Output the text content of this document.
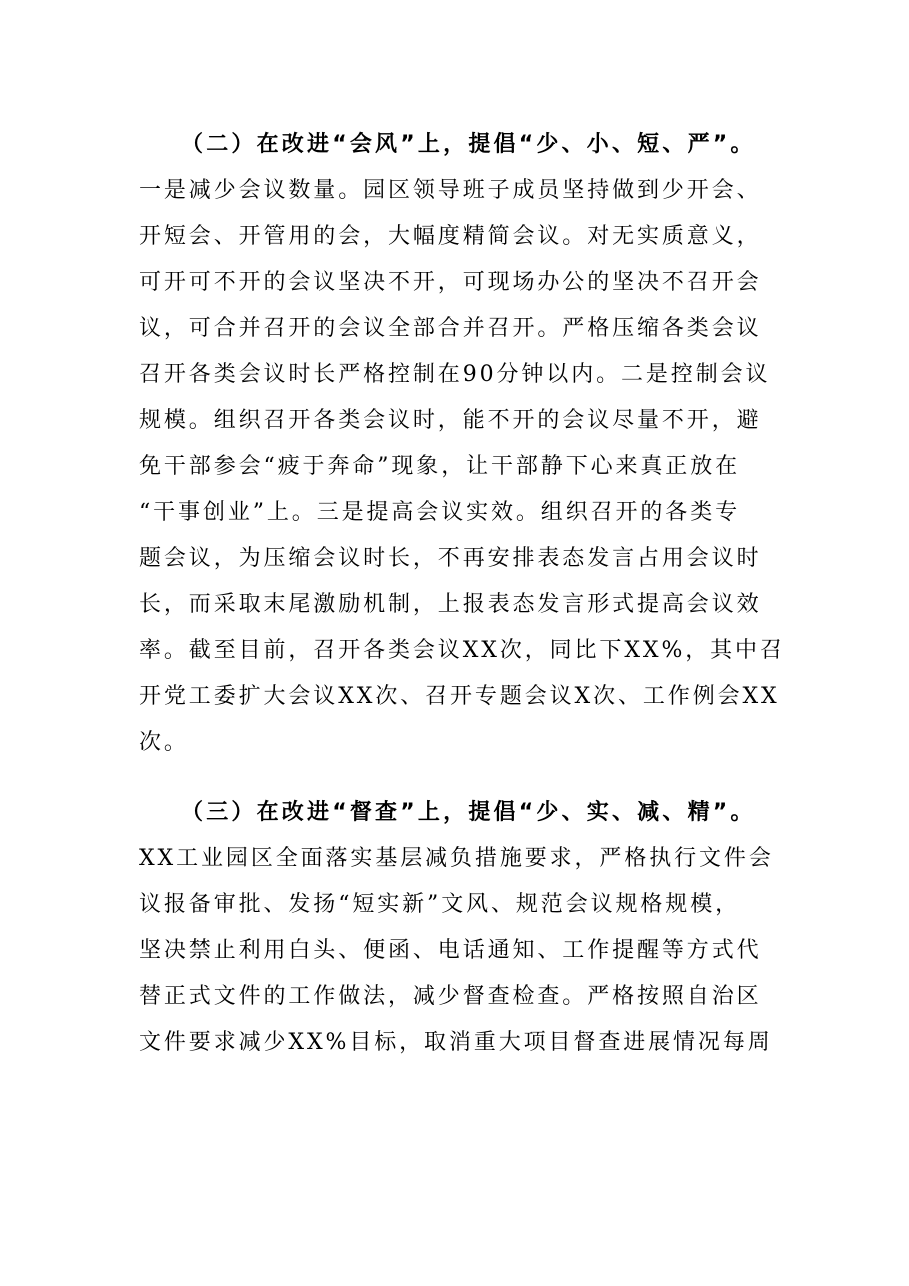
（二）在改进“会风”上，提倡“少、小、短、严”。
一是减少会议数量。园区领导班子成员坚持做到少开会、
开短会、开管用的会，大幅度精简会议。对无实质意义，
可开可不开的会议坚决不开，可现场办公的坚决不召开会
议，可合并召开的会议全部合并召开。严格压缩各类会议
召开各类会议时长严格控制在90分钟以内。二是控制会议
规模。组织召开各类会议时，能不开的会议尽量不开，避
免干部参会“疲于奔命”现象，让干部静下心来真正放在
“干事创业”上。三是提高会议实效。组织召开的各类专
题会议，为压缩会议时长，不再安排表态发言占用会议时
长，而采取末尾激励机制，上报表态发言形式提高会议效
率。截至目前，召开各类会议XX次，同比下XX%，其中召
开党工委扩大会议XX次、召开专题会议X次、工作例会XX
次。
（三）在改进“督查”上，提倡“少、实、减、精”。
XX工业园区全面落实基层减负措施要求，严格执行文件会
议报备审批、发扬“短实新”文风、规范会议规格规模，
坚决禁止利用白头、便函、电话通知、工作提醒等方式代
替正式文件的工作做法，减少督查检查。严格按照自治区
文件要求减少XX%目标，取消重大项目督查进展情况每周
